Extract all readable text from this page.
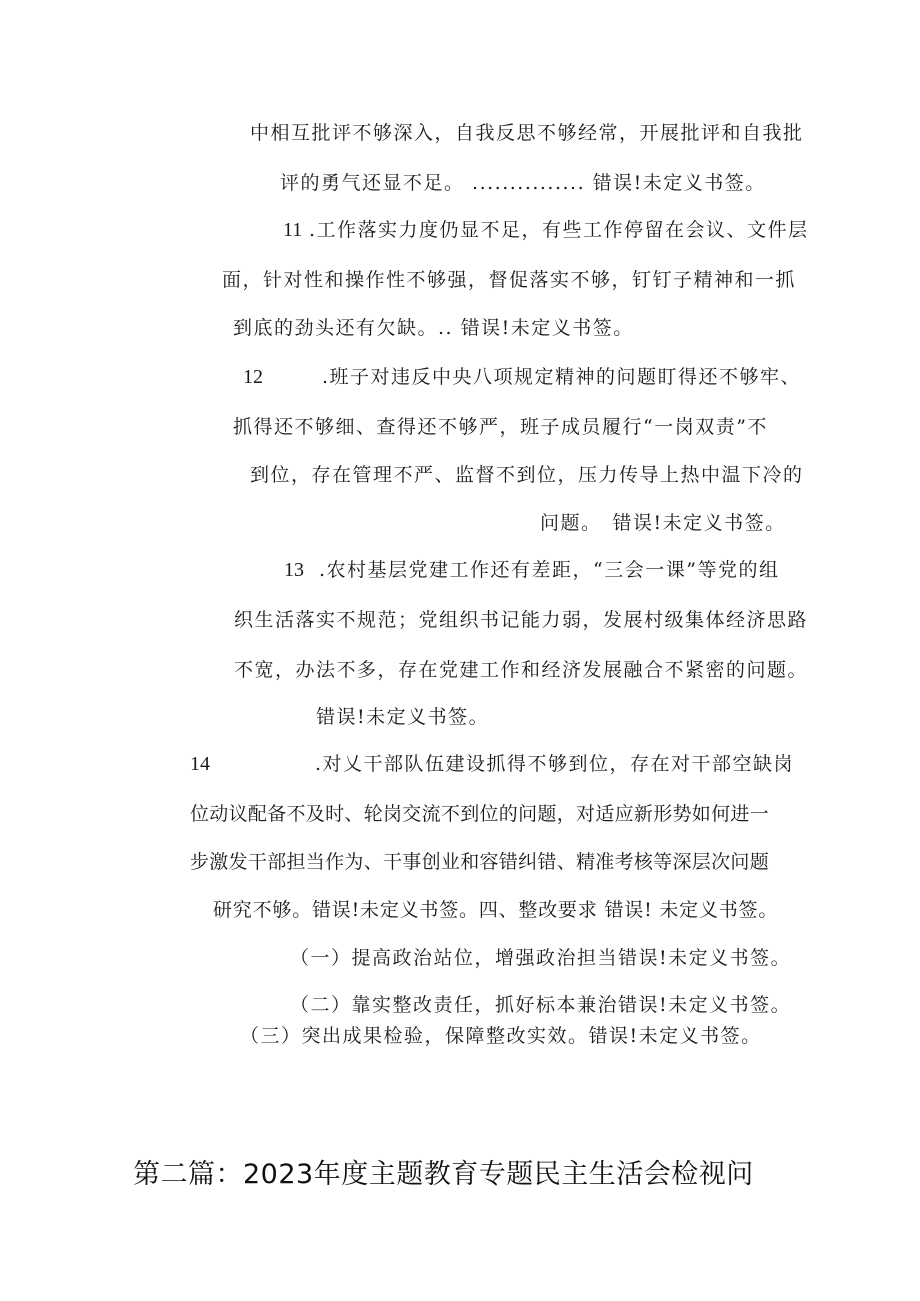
中相互批评不够深入，自我反思不够经常，开展批评和自我批
评的勇气还显不足。 ............... 错误!未定义书签。
11 .工作落实力度仍显不足，有些工作停留在会议、文件层
面，针对性和操作性不够强，督促落实不够，钉钉子精神和一抓
到底的劲头还有欠缺。.. 错误!未定义书签。
12	.班子对违反中央八项规定精神的问题盯得还不够牢、
抓得还不够细、查得还不够严，班子成员履行“一岗双责”不
到位，存在管理不严、监督不到位，压力传导上热中温下冷的
问题。　错误!未定义书签。
13 .农村基层党建工作还有差距，“三会一课”等党的组
织生活落实不规范；党组织书记能力弱，发展村级集体经济思路
不宽，办法不多，存在党建工作和经济发展融合不紧密的问题。
错误!未定义书签。
14	.对乂干部队伍建设抓得不够到位，存在对干部空缺岗
位动议配备不及时、轮岗交流不到位的问题，对适应新形势如何进一
步激发干部担当作为、干事创业和容错纠错、精准考核等深层次问题
研究不够。错误!未定义书签。四、整改要求 错误! 未定义书签。
（一）提高政治站位，增强政治担当错误!未定义书签。
（二）靠实整改责任，抓好标本兼治错误!未定义书签。
（三）突出成果检验，保障整改实效。错误!未定义书签。
第二篇：2023年度主题教育专题民主生活会检视问
